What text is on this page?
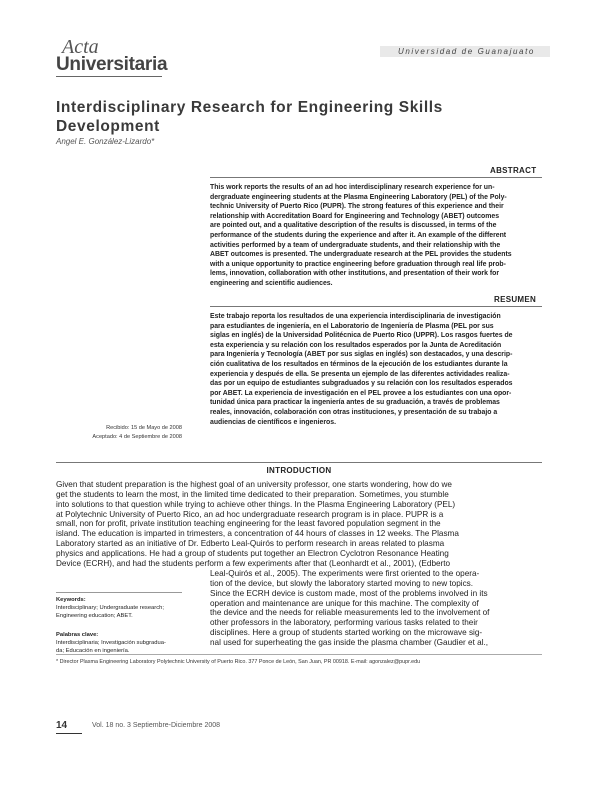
Acta
Universitaria
Universidad de Guanajuato
Interdisciplinary Research for Engineering Skills Development
Angel E. González-Lizardo*
ABSTRACT
This work reports the results of an ad hoc interdisciplinary research experience for un-
dergraduate engineering students at the Plasma Engineering Laboratory (PEL) of the Poly-
technic University of Puerto Rico (PUPR). The strong features of this experience and their
relationship with Accreditation Board for Engineering and Technology (ABET) outcomes
are pointed out, and a qualitative description of the results is discussed, in terms of the
performance of the students during the experience and after it. An example of the different
activities performed by a team of undergraduate students, and their relationship with the
ABET outcomes is presented. The undergraduate research at the PEL provides the students
with a unique opportunity to practice engineering before graduation through real life prob-
lems, innovation, collaboration with other institutions, and presentation of their work for
engineering and scientific audiences.
RESUMEN
Este trabajo reporta los resultados de una experiencia interdisciplinaria de investigación
para estudiantes de ingeniería, en el Laboratorio de Ingeniería de Plasma (PEL por sus
siglas en inglés) de la Universidad Politécnica de Puerto Rico (UPPR). Los rasgos fuertes de
esta experiencia y su relación con los resultados esperados por la Junta de Acreditación
para Ingeniería y Tecnología (ABET por sus siglas en inglés) son destacados, y una descrip-
ción cualitativa de los resultados en términos de la ejecución de los estudiantes durante la
experiencia y después de ella. Se presenta un ejemplo de las diferentes actividades realiza-
das por un equipo de estudiantes subgraduados y su relación con los resultados esperados
por ABET. La experiencia de investigación en el PEL provee a los estudiantes con una opor-
tunidad única para practicar la ingeniería antes de su graduación, a través de problemas
reales, innovación, colaboración con otras instituciones, y presentación de su trabajo a
audiencias de científicos e ingenieros.
Recibido: 15 de Mayo de 2008
Aceptado: 4 de Septiembre de 2008
INTRODUCTION
Given that student preparation is the highest goal of an university professor, one starts wondering, how do we
get the students to learn the most, in the limited time dedicated to their preparation. Sometimes, you stumble
into solutions to that question while trying to achieve other things. In the Plasma Engineering Laboratory (PEL)
at Polytechnic University of Puerto Rico, an ad hoc undergraduate research program is in place. PUPR is a
small, non for profit, private institution teaching engineering for the least favored population segment in the
island. The education is imparted in trimesters, a concentration of 44 hours of classes in 12 weeks. The Plasma
Laboratory started as an initiative of Dr. Edberto Leal-Quirós to perform research in areas related to plasma
physics and applications. He had a group of students put together an Electron Cyclotron Resonance Heating
Device (ECRH), and had the students perform a few experiments after that (Leonhardt et al., 2001), (Edberto
Leal-Quirós et al., 2005). The experiments were first oriented to the opera-
tion of the device, but slowly the laboratory started moving to new topics.
Since the ECRH device is custom made, most of the problems involved in its
operation and maintenance are unique for this machine. The complexity of
the device and the needs for reliable measurements led to the involvement of
other professors in the laboratory, performing various tasks related to their
disciplines. Here a group of students started working on the microwave sig-
nal used for superheating the gas inside the plasma chamber (Gaudier et al.,
Keywords:
Interdisciplinary; Undergraduate research;
Engineering education; ABET.
Palabras clave:
Interdisciplinaria; Investigación subgradua-
da; Educación en ingeniería.
* Director Plasma Engineering Laboratory Polytechnic University of Puerto Rico. 377 Ponce de León, San Juan, PR 00918. E-mail: agonzalez@pupr.edu
14	Vol. 18 no. 3 Septiembre-Diciembre 2008
